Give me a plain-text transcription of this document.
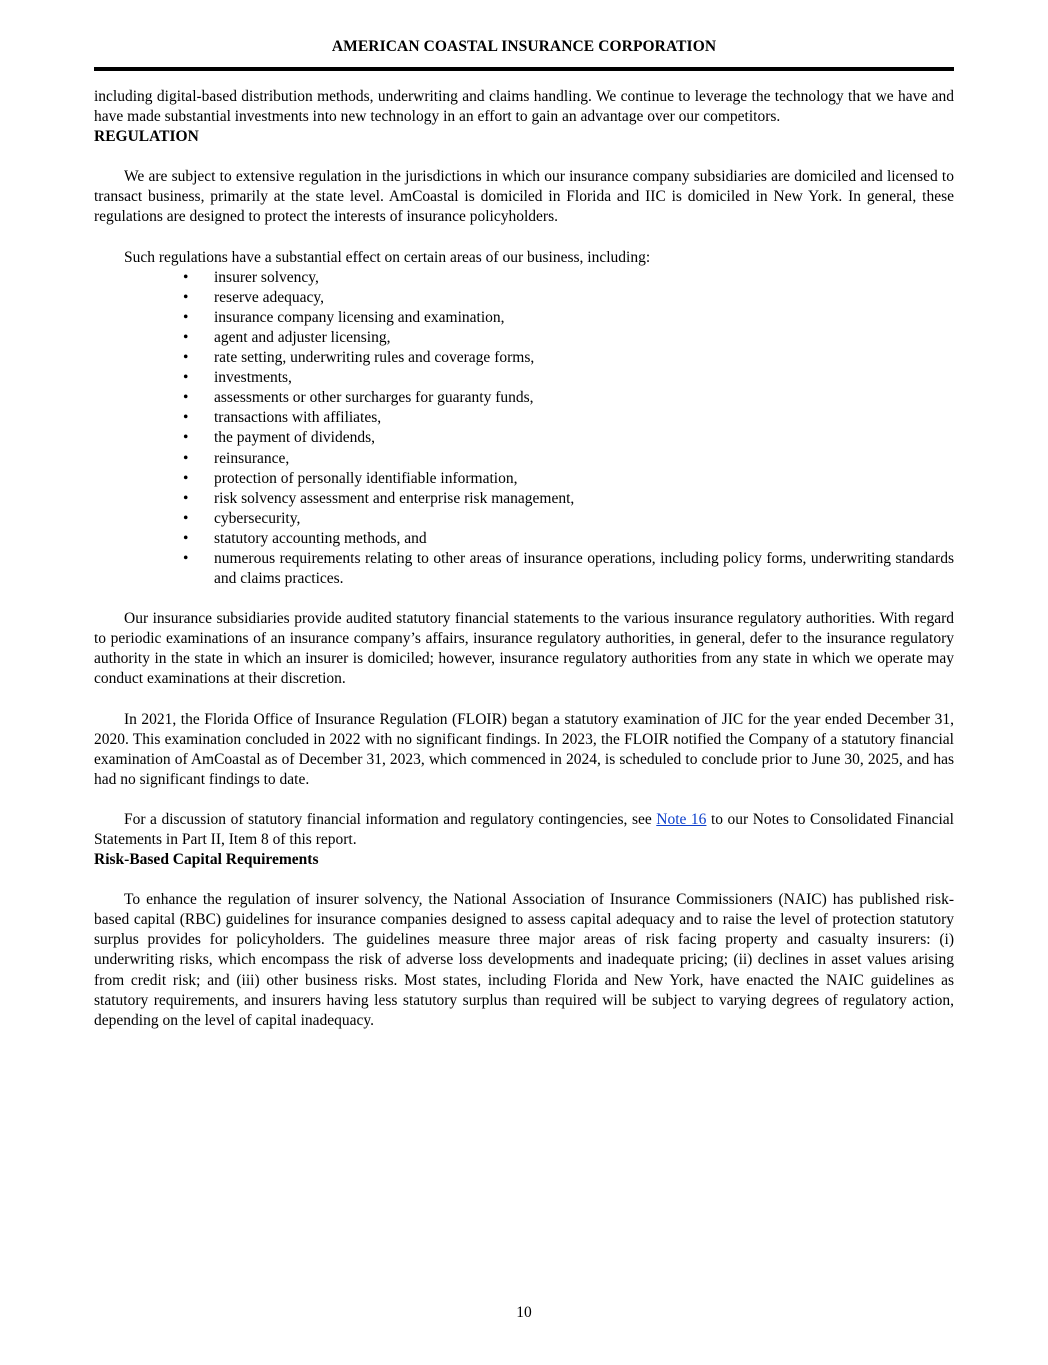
AMERICAN COASTAL INSURANCE CORPORATION

including digital-based distribution methods, underwriting and claims handling. We continue to leverage the technology that we have and have made substantial investments into new technology in an effort to gain an advantage over our competitors.

REGULATION

We are subject to extensive regulation in the jurisdictions in which our insurance company subsidiaries are domiciled and licensed to transact business, primarily at the state level. AmCoastal is domiciled in Florida and IIC is domiciled in New York. In general, these regulations are designed to protect the interests of insurance policyholders.

Such regulations have a substantial effect on certain areas of our business, including:

• insurer solvency,
• reserve adequacy,
• insurance company licensing and examination,
• agent and adjuster licensing,
• rate setting, underwriting rules and coverage forms,
• investments,
• assessments or other surcharges for guaranty funds,
• transactions with affiliates,
• the payment of dividends,
• reinsurance,
• protection of personally identifiable information,
• risk solvency assessment and enterprise risk management,
• cybersecurity,
• statutory accounting methods, and
• numerous requirements relating to other areas of insurance operations, including policy forms, underwriting standards and claims practices.

Our insurance subsidiaries provide audited statutory financial statements to the various insurance regulatory authorities. With regard to periodic examinations of an insurance company’s affairs, insurance regulatory authorities, in general, defer to the insurance regulatory authority in the state in which an insurer is domiciled; however, insurance regulatory authorities from any state in which we operate may conduct examinations at their discretion.

In 2021, the Florida Office of Insurance Regulation (FLOIR) began a statutory examination of JIC for the year ended December 31, 2020. This examination concluded in 2022 with no significant findings. In 2023, the FLOIR notified the Company of a statutory financial examination of AmCoastal as of December 31, 2023, which commenced in 2024, is scheduled to conclude prior to June 30, 2025, and has had no significant findings to date.

For a discussion of statutory financial information and regulatory contingencies, see Note 16 to our Notes to Consolidated Financial Statements in Part II, Item 8 of this report.

Risk-Based Capital Requirements

To enhance the regulation of insurer solvency, the National Association of Insurance Commissioners (NAIC) has published risk-based capital (RBC) guidelines for insurance companies designed to assess capital adequacy and to raise the level of protection statutory surplus provides for policyholders. The guidelines measure three major areas of risk facing property and casualty insurers: (i) underwriting risks, which encompass the risk of adverse loss developments and inadequate pricing; (ii) declines in asset values arising from credit risk; and (iii) other business risks. Most states, including Florida and New York, have enacted the NAIC guidelines as statutory requirements, and insurers having less statutory surplus than required will be subject to varying degrees of regulatory action, depending on the level of capital inadequacy.

10
